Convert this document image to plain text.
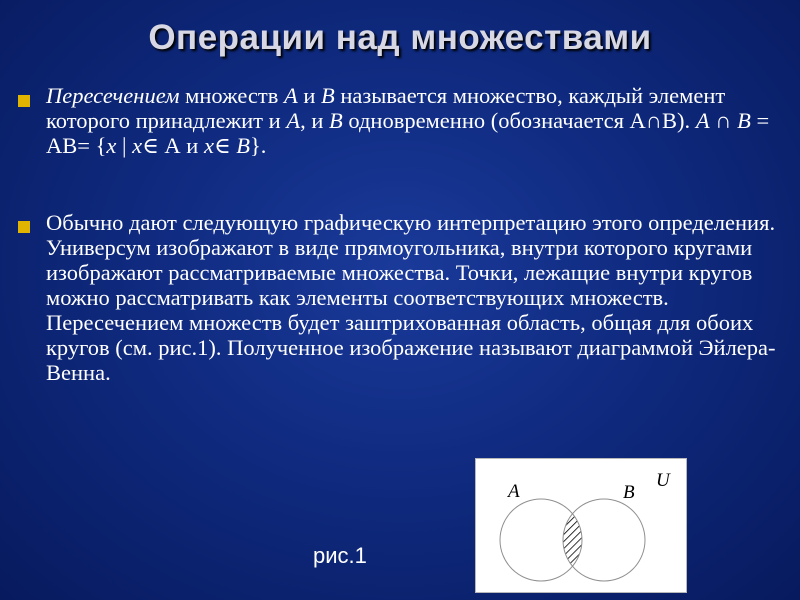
Операции над множествами
Пересечением множеств А и В называется множество, каждый элемент которого принадлежит и А, и В одновременно (обозначается А∩В). А ∩ В = АВ= {х | х∈ А и х∈ В}.
Обычно дают следующую графическую интерпретацию этого определения. Универсум изображают в виде прямоугольника, внутри которого кругами изображают рассматриваемые множества. Точки, лежащие внутри кругов можно рассматривать как элементы соответствующих множеств. Пересечением множеств будет заштрихованная область, общая для обоих кругов (см. рис.1). Полученное изображение называют диаграммой Эйлера-Венна.
A	B
U
рис.1
